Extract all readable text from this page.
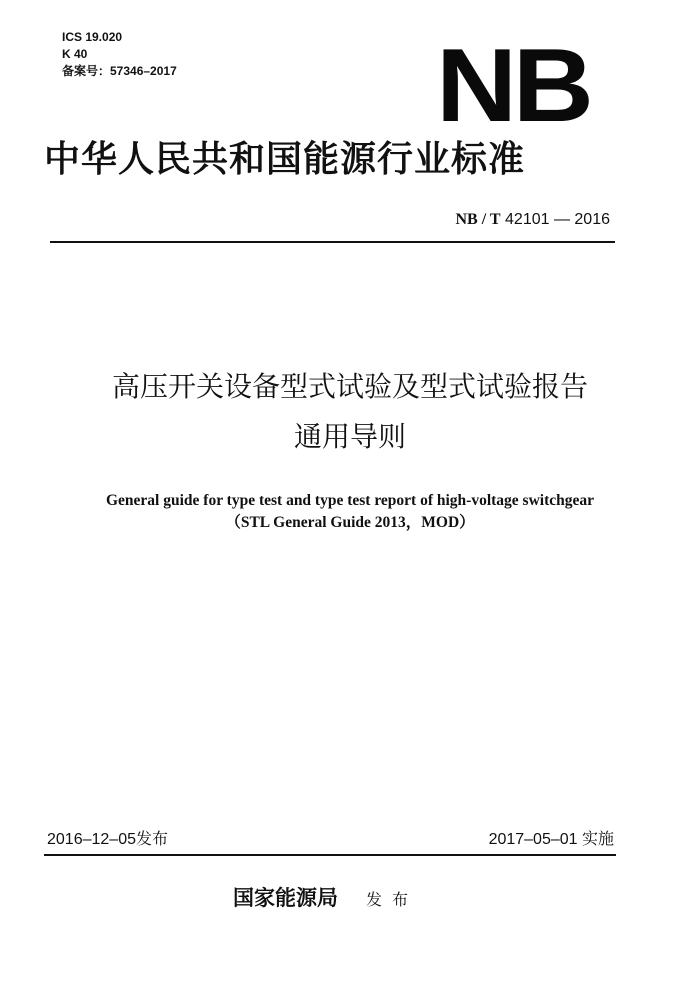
ICS 19.020
K 40
备案号：57346–2017 NB
中华人民共和国能源行业标准
NB / T 42101 — 2016
高压开关设备型式试验及型式试验报告
通用导则
General guide for type test and type test report of high-voltage switchgear
（STL General Guide 2013，MOD）
2016–12–05发布	2017–05–01 实施
国家能源局 发布
